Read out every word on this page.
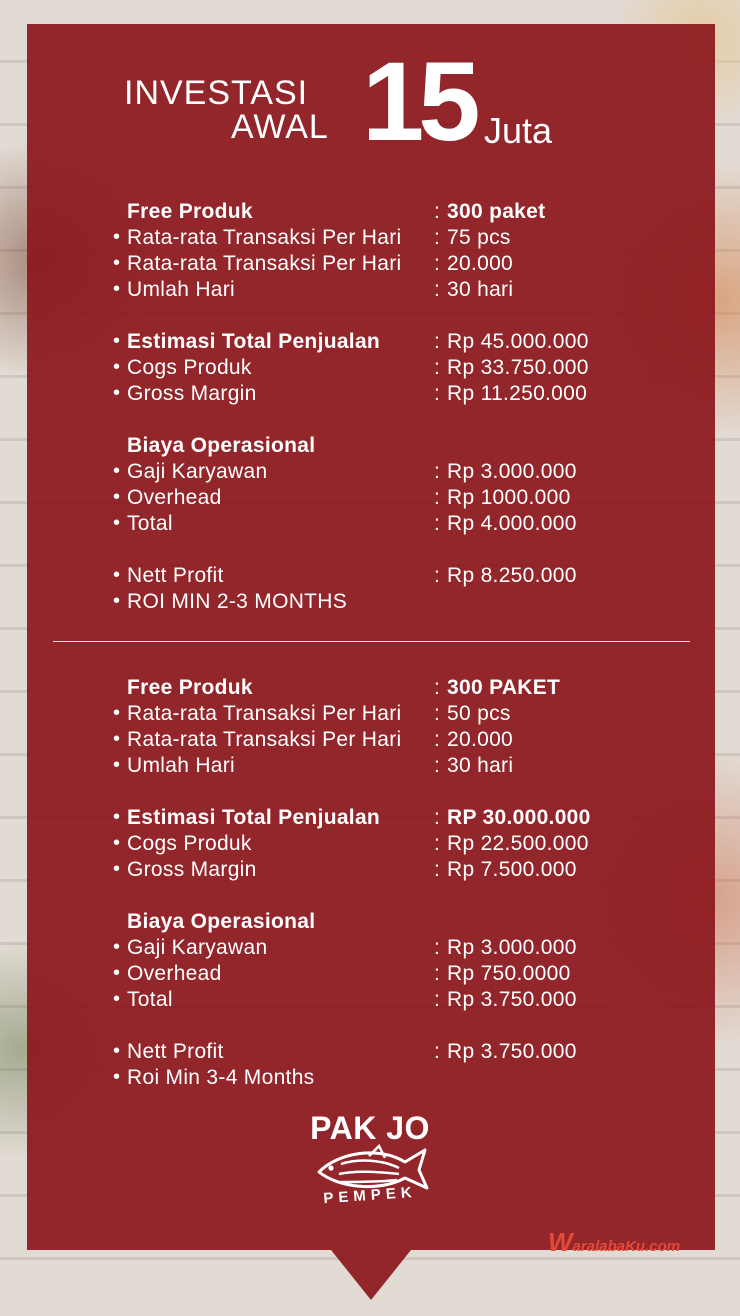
INVESTASI
AWAL 15 Juta
Free Produk	: 300 paket
• Rata-rata Transaksi Per Hari : 75 pcs
• Rata-rata Transaksi Per Hari : 20.000
• Umlah Hari	: 30 hari
• Estimasi Total Penjualan	: Rp 45.000.000
• Cogs Produk	: Rp 33.750.000
• Gross Margin	: Rp 11.250.000
Biaya Operasional
• Gaji Karyawan	: Rp 3.000.000
• Overhead	: Rp 1000.000
• Total	: Rp 4.000.000
• Nett Profit	: Rp 8.250.000
• ROI MIN 2-3 MONTHS
Free Produk	: 300 PAKET
• Rata-rata Transaksi Per Hari : 50 pcs
• Rata-rata Transaksi Per Hari : 20.000
• Umlah Hari	: 30 hari
• Estimasi Total Penjualan	: RP 30.000.000
• Cogs Produk	: Rp 22.500.000
• Gross Margin	: Rp 7.500.000
Biaya Operasional
• Gaji Karyawan	: Rp 3.000.000
• Overhead	: Rp 750.0000
• Total	: Rp 3.750.000
• Nett Profit	: Rp 3.750.000
• Roi Min 3-4 Months
PAK JO
PEMPEK
WaralabaKu.com
